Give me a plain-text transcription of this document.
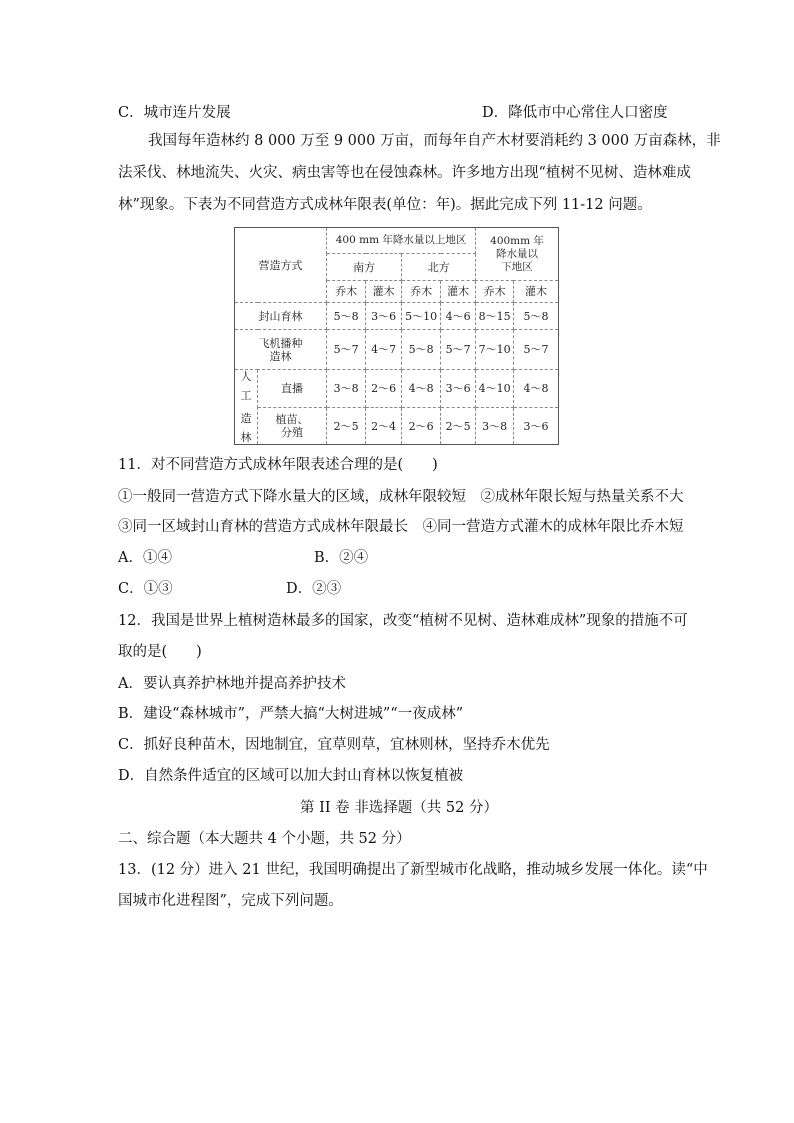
C．城市连片发展	D．降低市中心常住人口密度
我国每年造林约 8 000 万至 9 000 万亩，而每年自产木材要消耗约 3 000 万亩森林，非
法采伐、林地流失、火灾、病虫害等也在侵蚀森林。许多地方出现“植树不见树、造林难成
林”现象。下表为不同营造方式成林年限表(单位：年)。据此完成下列 11-12 问题。
营造方式		400 mm 年降水量以上地区				400mm 年
降水量以
下地区	

		南方		北方			
		乔木	灌木	乔木	灌木	乔木	灌木
封山育林		5～8	3～6	5～10	4～6	8～15	5～8

飞机播种
造林		5～7	4～7	5～8	5～7	7～10	5～7

人
工
造
林	直播	3～8	2～6	4～8	3～6	4～10	4～8

	植苗、
分殖	2～5	2～4	2～6	2～5	3～8	3～6
11．对不同营造方式成林年限表述合理的是(　　)
①一般同一营造方式下降水量大的区域，成林年限较短　②成林年限长短与热量关系不大
③同一区域封山育林的营造方式成林年限最长　④同一营造方式灌木的成林年限比乔木短
A．①④	B．②④
C．①③	D．②③
12．我国是世界上植树造林最多的国家，改变“植树不见树、造林难成林”现象的措施不可
取的是(　　)
A．要认真养护林地并提高养护技术
B．建设“森林城市”，严禁大搞“大树进城”“一夜成林”
C．抓好良种苗木，因地制宜，宜草则草，宜林则林，坚持乔木优先
D．自然条件适宜的区域可以加大封山育林以恢复植被
第 II 卷 非选择题（共 52 分）
二、综合题（本大题共 4 个小题，共 52 分）
13．(12 分）进入 21 世纪，我国明确提出了新型城市化战略，推动城乡发展一体化。读“中
国城市化进程图”，完成下列问题。
